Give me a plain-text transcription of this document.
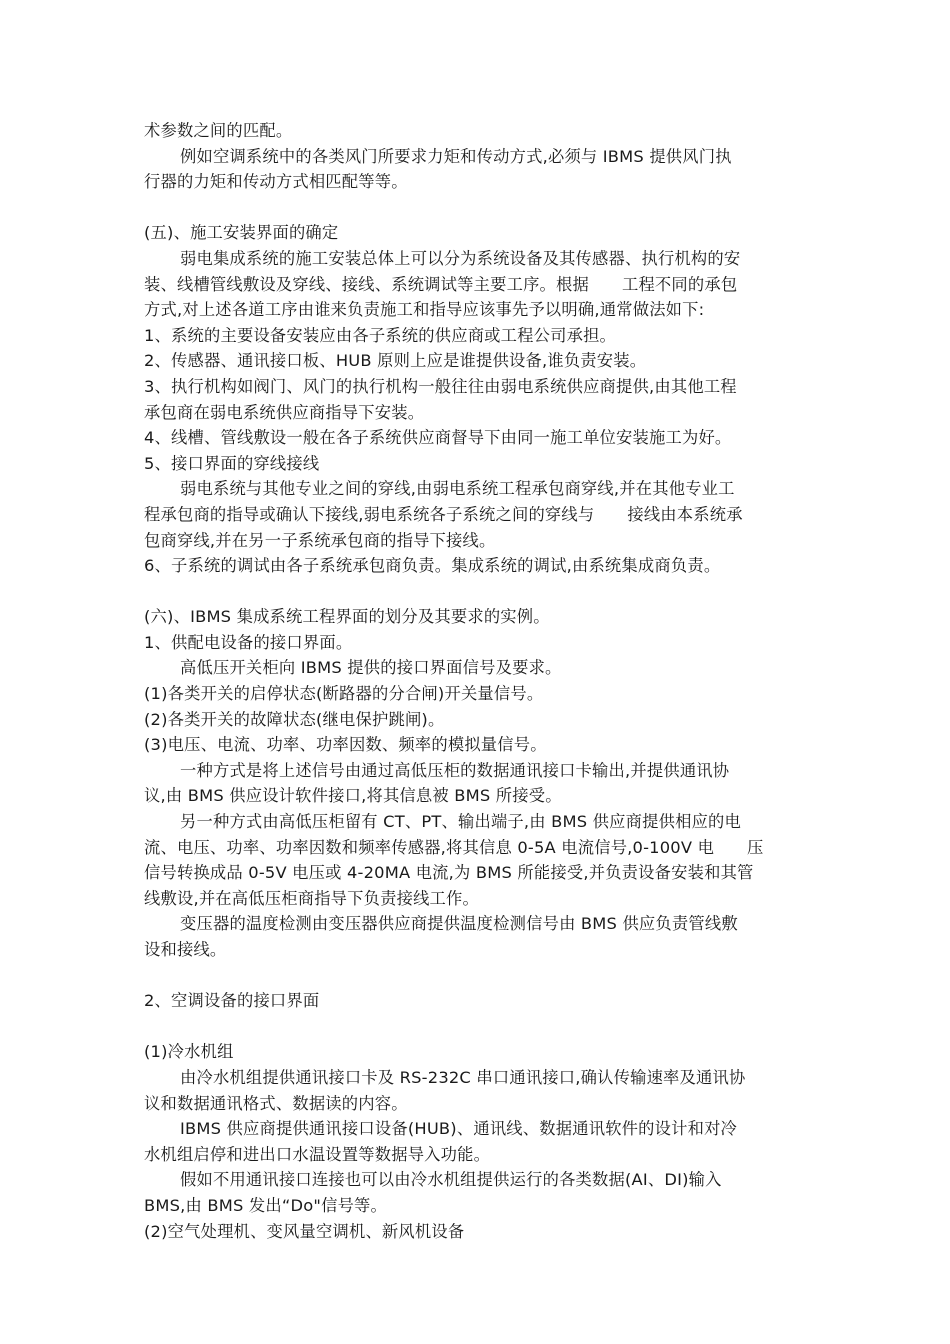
术参数之间的匹配。
例如空调系统中的各类风门所要求力矩和传动方式,必须与 IBMS 提供风门执
行器的力矩和传动方式相匹配等等。
(五)、施工安装界面的确定
弱电集成系统的施工安装总体上可以分为系统设备及其传感器、执行机构的安
装、线槽管线敷设及穿线、接线、系统调试等主要工序。根据　　工程不同的承包
方式,对上述各道工序由谁来负责施工和指导应该事先予以明确,通常做法如下:
1、系统的主要设备安装应由各子系统的供应商或工程公司承担。
2、传感器、通讯接口板、HUB 原则上应是谁提供设备,谁负责安装。
3、执行机构如阀门、风门的执行机构一般往往由弱电系统供应商提供,由其他工程
承包商在弱电系统供应商指导下安装。
4、线槽、管线敷设一般在各子系统供应商督导下由同一施工单位安装施工为好。
5、接口界面的穿线接线
弱电系统与其他专业之间的穿线,由弱电系统工程承包商穿线,并在其他专业工
程承包商的指导或确认下接线,弱电系统各子系统之间的穿线与　　接线由本系统承
包商穿线,并在另一子系统承包商的指导下接线。
6、子系统的调试由各子系统承包商负责。集成系统的调试,由系统集成商负责。
(六)、IBMS 集成系统工程界面的划分及其要求的实例。
1、供配电设备的接口界面。
高低压开关柜向 IBMS 提供的接口界面信号及要求。
(1)各类开关的启停状态(断路器的分合闸)开关量信号。
(2)各类开关的故障状态(继电保护跳闸)。
(3)电压、电流、功率、功率因数、频率的模拟量信号。
一种方式是将上述信号由通过高低压柜的数据通讯接口卡输出,并提供通讯协
议,由 BMS 供应设计软件接口,将其信息被 BMS 所接受。
另一种方式由高低压柜留有 CT、PT、输出端子,由 BMS 供应商提供相应的电
流、电压、功率、功率因数和频率传感器,将其信息 0-5A 电流信号,0-100V 电　　压
信号转换成品 0-5V 电压或 4-20MA 电流,为 BMS 所能接受,并负责设备安装和其管
线敷设,并在高低压柜商指导下负责接线工作。
变压器的温度检测由变压器供应商提供温度检测信号由 BMS 供应负责管线敷
设和接线。
2、空调设备的接口界面
(1)冷水机组
由冷水机组提供通讯接口卡及 RS-232C 串口通讯接口,确认传输速率及通讯协
议和数据通讯格式、数据读的内容。
IBMS 供应商提供通讯接口设备(HUB)、通讯线、数据通讯软件的设计和对冷
水机组启停和进出口水温设置等数据导入功能。
假如不用通讯接口连接也可以由冷水机组提供运行的各类数据(AI、DI)输入
BMS,由 BMS 发出“Do"信号等。
(2)空气处理机、变风量空调机、新风机设备
